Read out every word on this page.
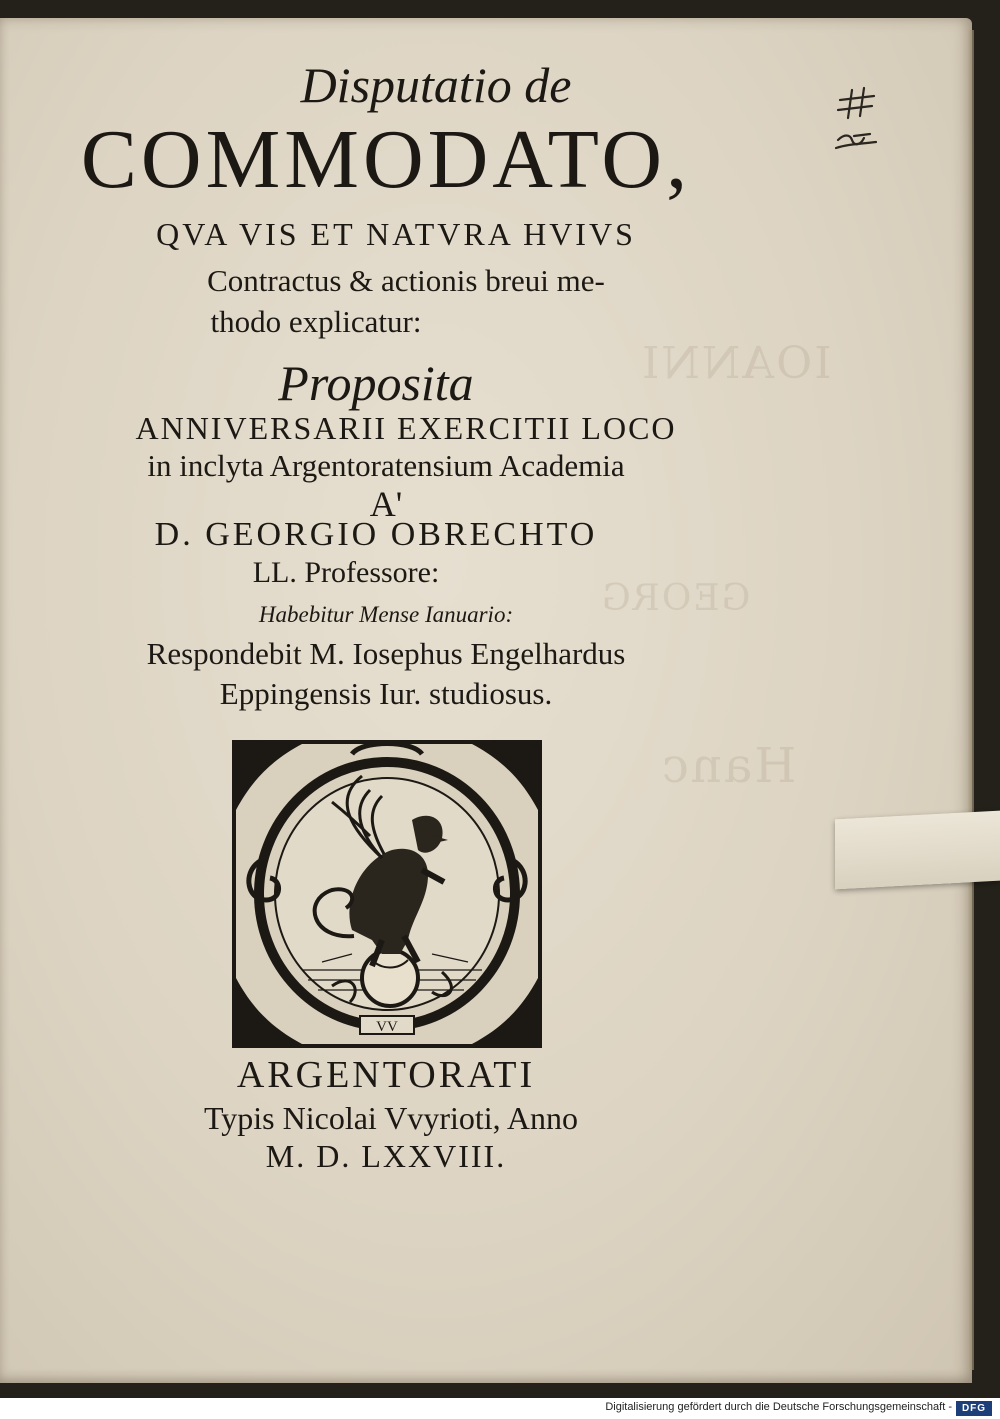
IOANNI
GEORG
Hanc
Disputatio de
COMMODATO,
QVA VIS ET NATVRA HVIVS
Contractus & actionis breui me-
thodo explicatur:
Proposita
ANNIVERSARII EXERCITII LOCO
in inclyta Argentoratensium Academia
A'
D. GEORGIO OBRECHTO
LL. Professore:
Habebitur Mense Ianuario:
Respondebit M. Iosephus Engelhardus
Eppingensis Iur. studiosus.
VV
ARGENTORATI
Typis Nicolai Vvyrioti, Anno
M. D. LXXVIII.
Digitalisierung gefördert durch die Deutsche Forschungsgemeinschaft - DFG
